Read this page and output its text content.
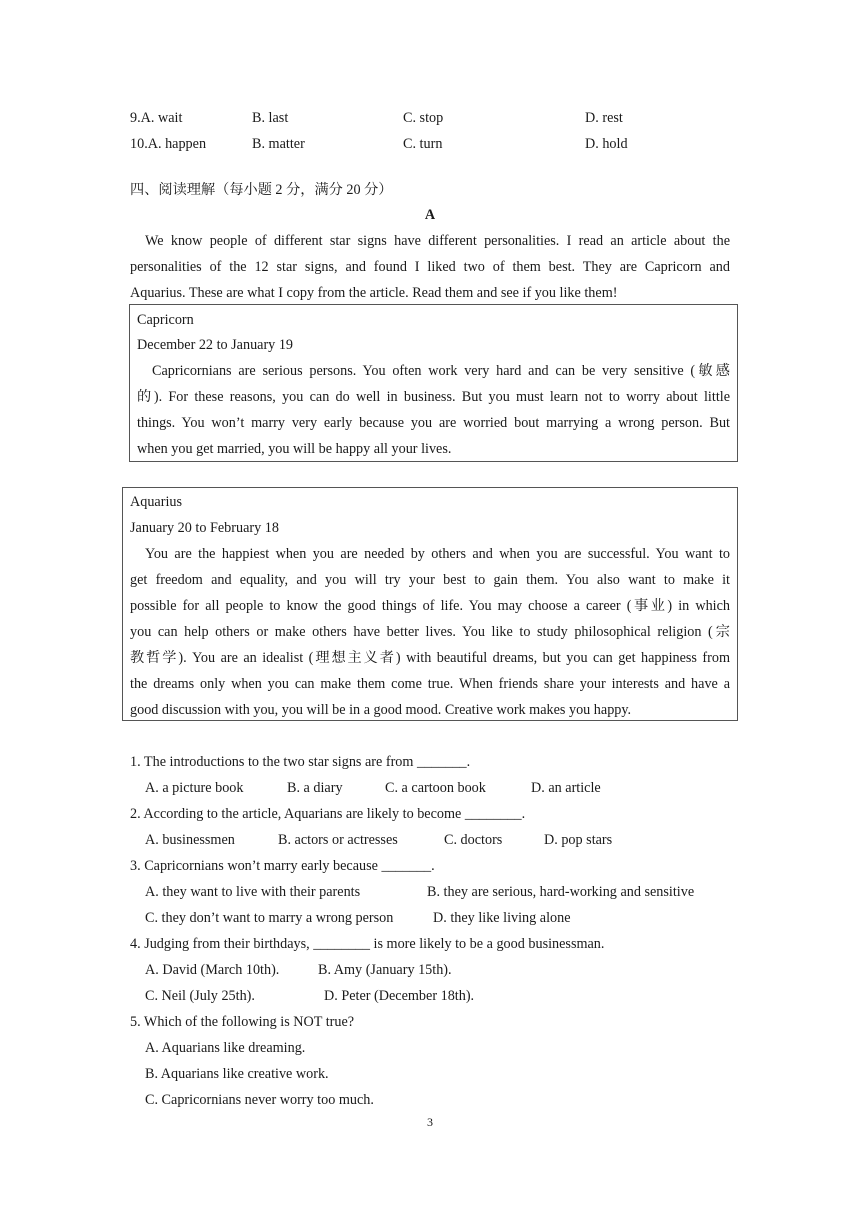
9.A. wait	B. last	C. stop	D. rest
10.A. happen	B. matter	C. turn	D. hold
四、阅读理解（每小题 2 分，满分 20 分）
A
We know people of different star signs have different personalities. I read an article about the
personalities of the 12 star signs, and found I liked two of them best. They are Capricorn and
Aquarius. These are what I copy from the article. Read them and see if you like them!
Capricorn
December 22 to January 19
Capricornians are serious persons. You often work very hard and can be very sensitive (敏感
的). For these reasons, you can do well in business. But you must learn not to worry about little
things. You won’t marry very early because you are worried bout marrying a wrong person. But
when you get married, you will be happy all your lives.
Aquarius
January 20 to February 18
You are the happiest when you are needed by others and when you are successful. You want to
get freedom and equality, and you will try your best to gain them. You also want to make it
possible for all people to know the good things of life. You may choose a career (事业) in which
you can help others or make others have better lives. You like to study philosophical religion (宗
教哲学). You are an idealist (理想主义者) with beautiful dreams, but you can get happiness from
the dreams only when you can make them come true. When friends share your interests and have a
good discussion with you, you will be in a good mood. Creative work makes you happy.
1. The introductions to the two star signs are from _______.
A. a picture book	B. a diary	C. a cartoon book	D. an article
2. According to the article, Aquarians are likely to become ________.
A. businessmen	B. actors or actresses	C. doctors	D. pop stars
3. Capricornians won’t marry early because _______.
A. they want to live with their parents	B. they are serious, hard-working and sensitive
C. they don’t want to marry a wrong person	D. they like living alone
4. Judging from their birthdays, ________ is more likely to be a good businessman.
A. David (March 10th).	B. Amy (January 15th).
C. Neil (July 25th).	D. Peter (December 18th).
5. Which of the following is NOT true?
A. Aquarians like dreaming.
B. Aquarians like creative work.
C. Capricornians never worry too much.
3
